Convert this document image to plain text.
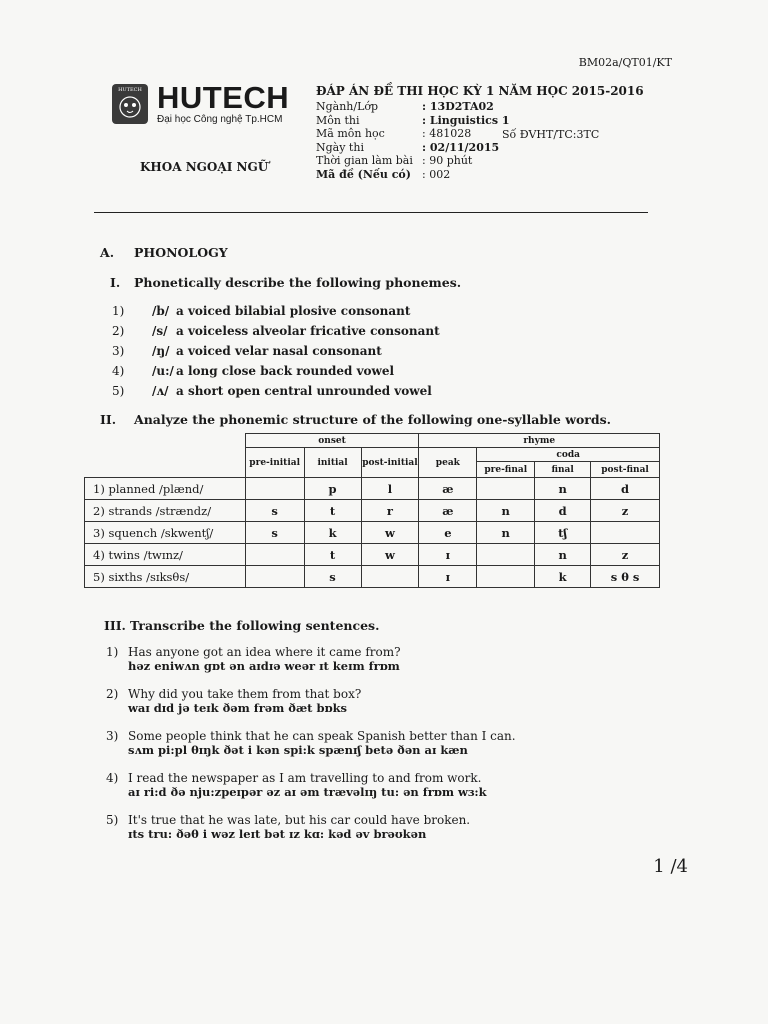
BM02a/QT01/KT
HUTECH HUTECH
Đại học Công nghệ Tp.HCM
KHOA NGOẠI NGỮ
ĐÁP ÁN ĐỀ THI HỌC KỲ 1 NĂM HỌC 2015-2016
Ngành/Lớp	: 13D2TA02
Môn thi	: Linguistics 1
Mã môn học	: 481028
Ngày thi	: 02/11/2015
Thời gian làm bài : 90 phút
Mã đề (Nếu có)	: 002
Số ĐVHT/TC:3TC
A. PHONOLOGY
I. Phonetically describe the following phonemes.
1) /b/ a voiced bilabial plosive consonant
2) /s/ a voiceless alveolar fricative consonant
3) /ŋ/ a voiced velar nasal consonant
4) /u:/ a long close back rounded vowel
5) /ʌ/ a short open central unrounded vowel
II. Analyze the phonemic structure of the following one-syllable words.
	onset			rhyme			
	pre-initial	initial	post-initial	peak	coda		
					pre-final	final	post-final
1) planned /plænd/		p	l	æ		n	d
2) strands /strændz/	s	t	r	æ	n	d	z
3) squench /skwentʃ/	s	k	w	e	n	tʃ	
4) twins /twɪnz/		t	w	ɪ		n	z
5) sixths /sɪksθs/		s		ɪ		k	s θ s
III. Transcribe the following sentences.
1) Has anyone got an idea where it came from?
həz eniwʌn gɒt ən aɪdɪə weər ɪt keɪm frɒm
2) Why did you take them from that box?
waɪ dɪd jə teɪk ðəm frəm ðæt bɒks
3) Some people think that he can speak Spanish better than I can.
sʌm pi:pl θɪŋk ðət i kən spi:k spænɪʃ betə ðən aɪ kæn
4) I read the newspaper as I am travelling to and from work.
aɪ ri:d ðə nju:zpeɪpər əz aɪ əm trævəlɪŋ tu: ən frɒm wɜ:k
5) It's true that he was late, but his car could have broken.
ɪts tru: ðəθ i wəz leɪt bət ɪz kɑ: kəd əv brəʊkən
1 /4
